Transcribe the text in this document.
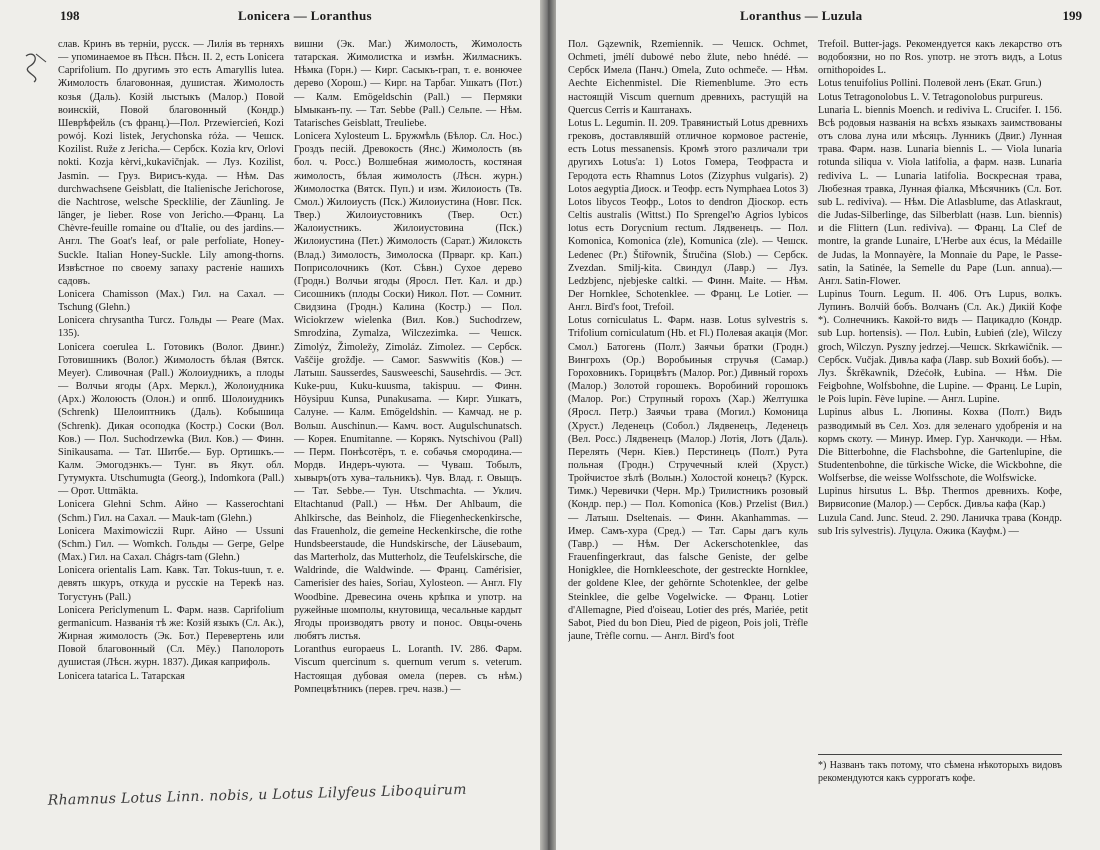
198	Lonicera — Loranthus

слав. Кринъ въ терніи, русск. — Лилія въ терняхъ — упоминаемое въ Пѣсн. Пѣсн. II. 2, есть Lonicera Caprifolium. По другимъ это есть Amaryllis lutea. Жимолость благовонная, душистая. Жимолость козья (Даль). Козій лыстыкъ (Малор.) Повой воинскій, Повой благовонный (Кондр.) Шеврѣфейль (съ франц.)—Пол. Przewiercień, Kozi powój. Kozi listek, Jerychonska róża. — Чешск. Kozilist. Ruže z Jericha.— Сербск. Kozia krv, Orlovi nokti. Kozja kèrvi,,kukavičnjak. — Луз. Kozilist, Jasmin. — Груз. Вирисъ-куда. — Нѣм. Das durchwachsene Geisblatt, die Italienische Jerichorose, die Nachtrose, welsche Specklilie, der Zäunling. Je länger, je lieber. Rose von Jericho.—Франц. La Chèvre-feuille romaine ou d'Italie, ou des jardins.— Англ. The Goat's leaf, or pale perfoliate, Honey-Suckle. Italian Honey-Suckle. Lily among-thorns. Извѣстное по своему запаху растеніе нашихъ садовъ.

Lonicera Chamisson (Max.) Гил. на Сахал. — Tschung (Glehn.)

Lonicera chrysantha Turcz. Гольды — Peare (Max. 135).

Lonicera coerulea L. Готовикъ (Волог. Двинг.) Готовишникъ (Волог.) Жимолость бѣлая (Вятск. Meyer). Сливочная (Pall.) Жолоиудникъ, а плоды — Волчьи ягоды (Арх. Меркл.), Жолоиудника (Арх.) Жолоюсть (Олон.) и оппб. Шолоиудникъ (Schrenk) Шелоиптникъ (Даль). Кобышица (Schrenk). Дикая осоподка (Костр.) Соски (Вол. Ков.) — Пол. Suchodrzewka (Вил. Ков.) — Финн. Sinikausama. — Тат. Шитбе.— Бур. Ортишкъ.— Калм. Эмогодэнкъ.— Тунг. въ Якут. обл. Гутумукта. Utschumugta (Georg.), Indomkora (Pall.) — Орот. Uttmäkta.

Lonicera Glehni Schm. Айно — Kasserochtani (Schm.) Гил. на Сахал. — Mauk-tam (Glehn.)

Lonicera Maximowiczii Rupr. Айно — Ussuni (Schm.) Гил. — Womkch. Гольды — Gerpe, Gelpe (Max.) Гил. на Сахал. Chágrs-tam (Glehn.)

Lonicera orientalis Lam. Кавк. Тат. Tokus-tuun, т. е. девять шкуръ, откуда и русскіе на Терекѣ наз. Тогустунъ (Pall.)

Lonicera Periclymenum L. Фарм. назв. Caprifolium germanicum. Названія тѣ же: Козій языкъ (Сл. Ак.), Жирная жимолость (Эк. Бот.) Перевертень или Повой благовонный (Сл. Мёу.) Паполороть душистая (Лѣсн. журн. 1837). Дикая каприфоль.

Lonicera tatarica L. Татарская

вишни (Эк. Маг.) Жимолость, Жимолость татарская. Жимолистка и измѣн. Жилмасникъ. Нѣмка (Горн.) — Кирг. Сасыкъ-грап, т. е. вонючее дерево (Хорош.) — Кирг. на Тарбаг. Ушкатъ (Пот.) — Калм. Emögeldschin (Pall.) — Пермяки Ымыканъ-пу. — Тат. Sebbe (Pall.) Сельпе. — Нѣм. Tatarisches Geisblatt, Treuliebe.

Lonicera Xylosteum L. Бружмѣль (Бѣлор. Сл. Нос.) Гроздъ песій. Древокость (Янс.) Жимолость (въ бол. ч. Росс.) Волшебная жимолость, костяная жимолость, бѣлая жимолость (Лѣсн. журн.) Жимолостка (Вятск. Пуп.) и изм. Жилоиость (Тв. Смол.) Жилоиусть (Пск.) Жилоиустина (Новг. Пск. Твер.) Жилоиустовникъ (Твер. Ост.) Жалоиустникъ. Жилоиустовина (Пск.) Жилоиустина (Пет.) Жимолость (Сарат.) Жилоксть (Влад.) Зимолость, Зимолоска (Прварг. кр. Кап.) Поприсолочникъ (Кот. Сѣвн.) Сухое дерево (Гродн.) Волчьи ягоды (Яросл. Пет. Кал. и др.) Сисошникъ (плоды Соски) Никол. Пот. — Сомнит. Свидзина (Гродн.) Калина (Костр.) — Пол. Wiciokrzew wielenka (Вил. Ков.) Suchodrzew, Smrodzina, Zymalza, Wilczezimka. — Чешск. Zimolýz, Žimoležy, Zimoláz. Zimolez. — Сербск. Vaščije grožđje. — Самог. Saswwitis (Ков.) —Латыш. Sausserdes, Sausweeschi, Sausehrdis. — Эст. Kuke-puu, Kuku-kuusma, takispuu. — Финн. Höysipuu Kunsa, Punakusama. — Кирг. Ушкатъ, Салуне. — Калм. Emögeldshin. — Камчад. не р. Вольш. Auschinun.— Камч. вост. Augulschunatsch. — Корея. Enumitanne. — Корякъ. Nytschivou (Pall) — Перм. Понѣсотёръ, т. е. собачья смородина.— Мордв. Индеръ-чуюта. — Чуваш. Тобылъ, хывыръ(отъ хува–тальникъ). Чув. Влад. г. Овыщъ. — Тат. Sebbe.— Тун. Utschmachta. — Уклич. Eltachtanud (Pall.) — Нѣм. Der Ahlbaum, die Ahlkirsche, das Beinholz, die Fliegenheckenkirsche, das Frauenholz, die gemeine Heckenkirsche, die rothe Hundsbeerstaude, die Hundskirsche, der Läusebaum, das Marterholz, das Mutterholz, die Teufelskirsche, die Waldrinde, die Waldwinde. — Франц. Camérisier, Camerisier des haies, Soriau, Xylosteon. — Англ. Fly Woodbine. Древесина очень крѣпка и употр. на ружейные шомполы, кнутовища, чесальные кардыт Ягоды производятъ рвоту и понос. Овцы-очень любятъ листья.

Loranthus europaeus L. Loranth. IV. 286. Фарм. Viscum quercinum s. quernum verum s. veterum. Настоящая дубовая омела (перев. съ нѣм.) Ромпецвѣтникъ (перев. греч. назв.) —

Rhamnus Lotus Linn. nobis, и Lotus Lilyfeus Liboquirum
Loranthus — Luzula	199

Пол. Gązewnik, Rzemiennik. — Чешск. Ochmet, Ochmeti, jmélí dubowé nebo žlute, nebo hnédé. — Сербск Имела (Панч.) Omela, Zuto ochmeče. — Нѣм. Aechte Eichenmistel. Die Riemenblume. Это есть настоящій Viscum quernum древнихъ, растущій на Quercus Cerris и Каштанахъ.

Lotus L. Legumin. II. 209. Травянистый Lotus древнихъ грековъ, доставлявшій отличное кормовое растеніе, есть Lotus messanensis. Кромѣ этого различали три другихъ Lotus'а: 1) Lotos Гомера, Теофраста и Геродота есть Rhamnus Lotos (Zizyphus vulgaris). 2) Lotos aegyptia Диоск. и Теофр. есть Nymphaea Lotos 3) Lotos libycos Теофр., Lotos to dendron Дiоскор. есть Celtis australis (Wittst.) По Sprengel'ю Agrios lybicos lotus есть Dorycnium rectum. Лядвенецъ. — Пол. Komonica, Komonica (zle), Komunica (zle). — Чешск. Ledenec (Pr.) Štiřownik, Štručina (Slob.) — Сербск. Zvezdan. Smilj-kita. Свиндул (Лавр.) — Луз. Ledzbjenc, njebjeske caltki. — Финн. Maite. — Нѣм. Der Hornklee, Schotenklee. — Франц. Le Lotier. — Англ. Bird's foot, Trefoil.

Lotus corniculatus L. Фарм. назв. Lotus sylvestris s. Trifolium corniculatum (Hb. et Fl.) Полевая акація (Мог. Смол.) Батогень (Полт.) Заячьи братки (Гродн.) Вингрохъ (Ор.) Воробьиныя стручья (Самар.) Гороховникъ. Горицвѣтъ (Малор. Рог.) Дивный горохъ (Малор.) Золотой горошекъ. Воробиний горошокъ (Малор. Рог.) Струпный горохъ (Хар.) Желтушка (Яросл. Петр.) Заячьи травa (Могил.) Комоница (Хруст.) Леденецъ (Собол.) Лядвенецъ, Леденецъ (Вел. Росс.) Лядвенецъ (Малор.) Лотія, Лотъ (Даль). Перелять (Черн. Кіев.) Перстинецъ (Полт.) Рута польная (Гродн.) Стручечный клей (Хруст.) Тройчистое зѣлѣ (Волын.) Холостой конецъ? (Курск. Тимк.) Черевички (Черн. Мр.) Трилистникъ розовый (Кондр. пер.) — Пол. Komonica (Ков.) Przelist (Вил.) — Латыш. Dseltenais. — Финн. Akanhammas. — Имер. Самъ-хура (Сред.) — Тат. Сары дагъ куль (Тавр.) — Нѣм. Der Ackerschotenklee, das Frauenfingerkraut, das falsche Geniste, der gelbe Honigklee, die Hornkleeschote, der gestreckte Hornklee, der goldene Klee, der gehörnte Schotenklee, der gelbe Steinklee, die gelbe Vogelwicke. — Франц. Lotier d'Allemagne, Pied d'oiseau, Lotier des prés, Mariée, petit Sabot, Pied du bon Dieu, Pied de pigeon, Pois joli, Trèfle jaune, Trèfle cornu. — Англ. Bird's foot

Trefoil. Butter-jags. Рекомендуется какъ лекарство отъ водобоязни, но по Ros. употр. не этотъ видъ, а Lotus ornithopoides L.

Lotus tenuifolius Pollini. Полевой ленъ (Екат. Grun.)

Lotus Tetragonolobus L. V. Tetragonolobus purpureus.

Lunaria L. biennis Moench. и rediviva L. Crucifer. I. 156. Всѣ родовыя названія на всѣхъ языкахъ заимствованы отъ слова луна или мѣсяцъ. Лунникъ (Двиг.) Лунная трава. Фарм. назв. Lunaria biennis L. — Viola lunaria rotunda siliqua v. Viola latifolia, а фарм. назв. Lunaria rediviva L. — Lunaria latifolia. Воскресная трава, Любезная травка, Лунная фіалка, Мѣсячникъ (Сл. Бот. sub L. rediviva). — Нѣм. Die Atlasblume, das Atlaskraut, die Judas-Silberlinge, das Silberblatt (назв. Lun. biennis) и die Flittern (Lun. rediviva). — Франц. La Clef de montre, la grande Lunaire, L'Herbe aux écus, la Médaille de Judas, la Monnayère, la Monnaie du Pape, le Passe-satin, la Satinée, la Semelle du Pape (Lun. annua).— Англ. Satin-Flower.

Lupinus Tourn. Legum. II. 406. Отъ Lupus, волкъ. Лупинъ. Волчій бобъ. Волчанъ (Сл. Ак.) Дикій Кофе *). Солнечникъ. Какой-то видъ — Пацикадло (Кондр. sub Lup. hortensis). — Пол. Łubin, Łubień (zle), Wilczy groch, Wilczyn. Pyszny jedrzej.—Чешск. Skrkawičnik. — Сербск. Vučjak. Дивља кафа (Лавр. sub Bохий бобъ). — Луз. Škrěkawnik, Dźećołk, Łubina. — Нѣм. Die Feigbohne, Wolfsbohne, die Lupine. — Франц. Le Lupin, le Pois lupin. Fève lupine. — Англ. Lupine.

Lupinus albus L. Люпины. Кохва (Полт.) Видъ разводимый въ Сел. Хоз. для зеленаго удобренія и на кормъ скоту. — Минур. Имер. Гур. Ханчкоди. — Нѣм. Die Bitterbohne, die Flachsbohne, die Gartenlupine, die Studentenbohne, die türkische Wicke, die Wickbohne, die Wolfserbse, die weisse Wolfsschote, die Wolfswicke.

Lupinus hirsutus L. Вѣр. Thermos древнихъ. Кофе, Вирвисоnие (Малор.) — Сербск. Дивља кафа (Кар.)

Luzula Cand. Junc. Steud. 2. 290. Ланичка трава (Кондр. sub Iris sylvestris). Луцула. Ожика (Кауфм.) —

*) Названъ такъ потому, что сѣмена нѣкоторыхъ видовъ рекомендуются какъ суррогатъ кофе.
